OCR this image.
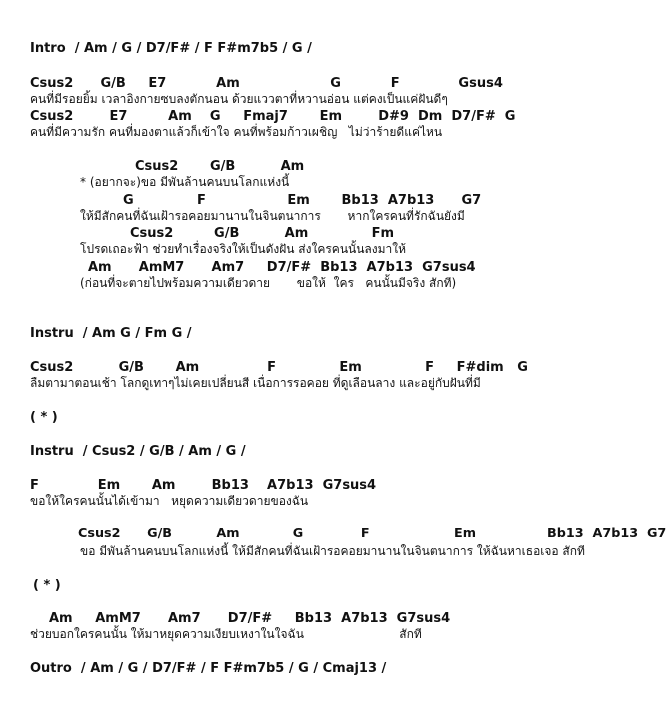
Intro  / Am / G / D7/F# / F F#m7b5 / G /
Csus2      G/B     E7           Am                    G           F             Gsus4
คนที่มีรอยยิ้ม เวลาอิงกายซบลงตักนอน ด้วยแววตาที่หวานอ่อน แต่คงเป็นแค่ฝันดีๆ
Csus2        E7         Am    G     Fmaj7       Em        D#9  Dm  D7/F#  G
คนที่มีความรัก คนที่มองตาแล้วก็เข้าใจ คนที่พร้อมก้าวเผชิญ   ไม่ว่าร้ายดีแค่ไหน
Csus2       G/B          Am
* (อยากจะ)ขอ มีพันล้านคนบนโลกแห่งนี้
G              F                  Em       Bb13  A7b13      G7
ให้มีสักคนที่ฉันเฝ้ารอคอยมานานในจินตนาการ       หากใครคนที่รักฉันยังมี
Csus2         G/B          Am              Fm
โปรดเถอะฟ้า ช่วยทำเรื่องจริงให้เป็นดังฝัน ส่งใครคนนั้นลงมาให้
Am      AmM7      Am7     D7/F#  Bb13  A7b13  G7sus4
(ก่อนที่จะตายไปพร้อมความเดียวดาย       ขอให้  ใคร   คนนั้นมีจริง สักที)
Instru  / Am G / Fm G /
Csus2          G/B       Am               F              Em              F     F#dim   G
ลืมตามาตอนเช้า โลกดูเทาๆไม่เคยเปลี่ยนสี เนื่อการรอคอย ที่ดูเลือนลาง และอยู่กับฝันที่มี
( * )
Instru  / Csus2 / G/B / Am / G /
F             Em       Am        Bb13    A7b13  G7sus4
ขอให้ใครคนนั้นได้เข้ามา   หยุดความเดียวดายของฉัน
Csus2      G/B          Am            G             F                   Em                Bb13  A7b13  G7
ขอ มีพันล้านคนบนโลกแห่งนี้ ให้มีสักคนที่ฉันเฝ้ารอคอยมานานในจินตนาการ ให้ฉันหาเธอเจอ สักที
( * )
Am     AmM7      Am7      D7/F#     Bb13  A7b13  G7sus4
ช่วยบอกใครคนนั้น ให้มาหยุดความเงียบเหงาในใจฉัน                         สักที
Outro  / Am / G / D7/F# / F F#m7b5 / G / Cmaj13 /
